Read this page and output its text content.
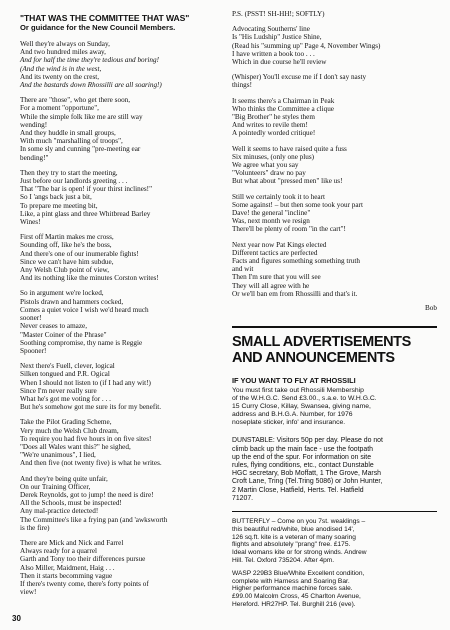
"THAT WAS THE COMMITTEE THAT WAS"
Or guidance for the New Council Members.
Well they're always on Sunday,
And two hundred miles away,
And for half the time they're tedious and boring!
(And the wind is in the west,
And its twenty on the crest,
And the bastards down Rhossilli are all soaring!)
There are "those", who get there soon,
For a moment "opportune",
While the simple folk like me are still way
wending!
And they huddle in small groups,
With much "marshalling of troops",
In some sly and cunning "pre-meeting ear
bending!"
Then they try to start the meeting,
Just before our landlords greeting . . .
That "The bar is open! if your thirst inclines!"
So I 'angs back just a bit,
To prepare me meeting bit,
Like, a pint glass and three Whitbread Barley
Wines!
First off Martin makes me cross,
Sounding off, like he's the boss,
And there's one of our inumerable fights!
Since we can't have him subdue,
Any Welsh Club point of view,
And its nothing like the minutes Corston writes!
So in argument we're locked,
Pistols drawn and hammers cocked,
Comes a quiet voice I wish we'd heard much
sooner!
Never ceases to amaze,
"Master Coiner of the Phrase"
Soothing compromise, thy name is Reggie
Spooner!
Next there's Fuell, clever, logical
Silken tongued and P.R. Ogical
When I should not listen to (if I had any wit!)
Since I'm never really sure
What he's got me voting for . . .
But he's somehow got me sure its for my benefit.
Take the Pilot Grading Scheme,
Very much the Welsh Club dream,
To require you had five hours in on five sites!
"Does all Wales want this?" he sighed,
"We're unanimous", I lied,
And then five (not twenty five) is what he writes.
And they're being quite unfair,
On our Training Officer,
Derek Reynolds, got to jump! the need is dire!
All the Schools, must be inspected!
Any mal-practice detected!
The Committee's like a frying pan (and 'awksworth
is the fire)
There are Mick and Nick and Farrel
Always ready for a quarrel
Garth and Tony too their differences pursue
Also Miller, Maidment, Haig . . .
Then it starts becomming vague
If there's twenty come, there's forty points of
view!
P.S. (PSST! SH-HH!; SOFTLY)
Advocating Southerns' line
Is "His Ludship" Justice Shine,
(Read his "summing up" Page 4, November Wings)
I have written a book too . . .
Which in due course he'll review
(Whisper) You'll excuse me if I don't say nasty
things!
It seems there's a Chairman in Peak
Who thinks the Committee a clique
"Big Brother" he styles them
And writes to revile them!
A pointedly worded critique!
Well it seems to have raised quite a fuss
Six minuses, (only one plus)
We agree what you say
"Volunteers" draw no pay
But what about "pressed men" like us!
Still we certainly took it to heart
Some against! – but then some took your part
Dave! the general "incline"
Was, next month we resign
There'll be plenty of room "in the cart"!
Next year now Pat Kings elected
Different tactics are perfected
Facts and figures something something truth
and wit
Then I'm sure that you will see
They will all agree with he
Or we'll ban em from Rhossilli and that's it.
Bob
SMALL ADVERTISEMENTS
AND ANNOUNCEMENTS
IF YOU WANT TO FLY AT RHOSSILI
You must first take out Rhossili Membership
of the W.H.G.C. Send £3.00., s.a.e. to W.H.G.C.
15 Curry Close, Killay, Swansea, giving name,
address and B.H.G.A. Number, for 1976
noseplate sticker, info' and insurance.
DUNSTABLE: Visitors 50p per day. Please do not
climb back up the main face - use the footpath
up the end of the spur. For information on site
rules, flying conditions, etc., contact Dunstable
HGC secretary, Bob Moffatt, 1 The Grove, Marsh
Croft Lane, Tring (Tel.Tring 5086) or John Hunter,
2 Martin Close, Hatfield, Herts. Tel. Hatfield
71207.
BUTTERFLY – Come on you 7st. weaklings –
this beautiful red/white, blue anodised 14',
126 sq.ft. kite is a veteran of many soaring
flights and absolutely "prang" free. £175.
Ideal womans kite or for strong winds. Andrew
Hill. Tel. Oxford 735204. After 4pm.
WASP 229B3 Blue/White Excellent condition,
complete with Harness and Soaring Bar.
Higher performance machine forces sale.
£99.00 Malcolm Cross, 45 Charlton Avenue,
Hereford. HR27HP. Tel. Burghill 216 (eve).
30
